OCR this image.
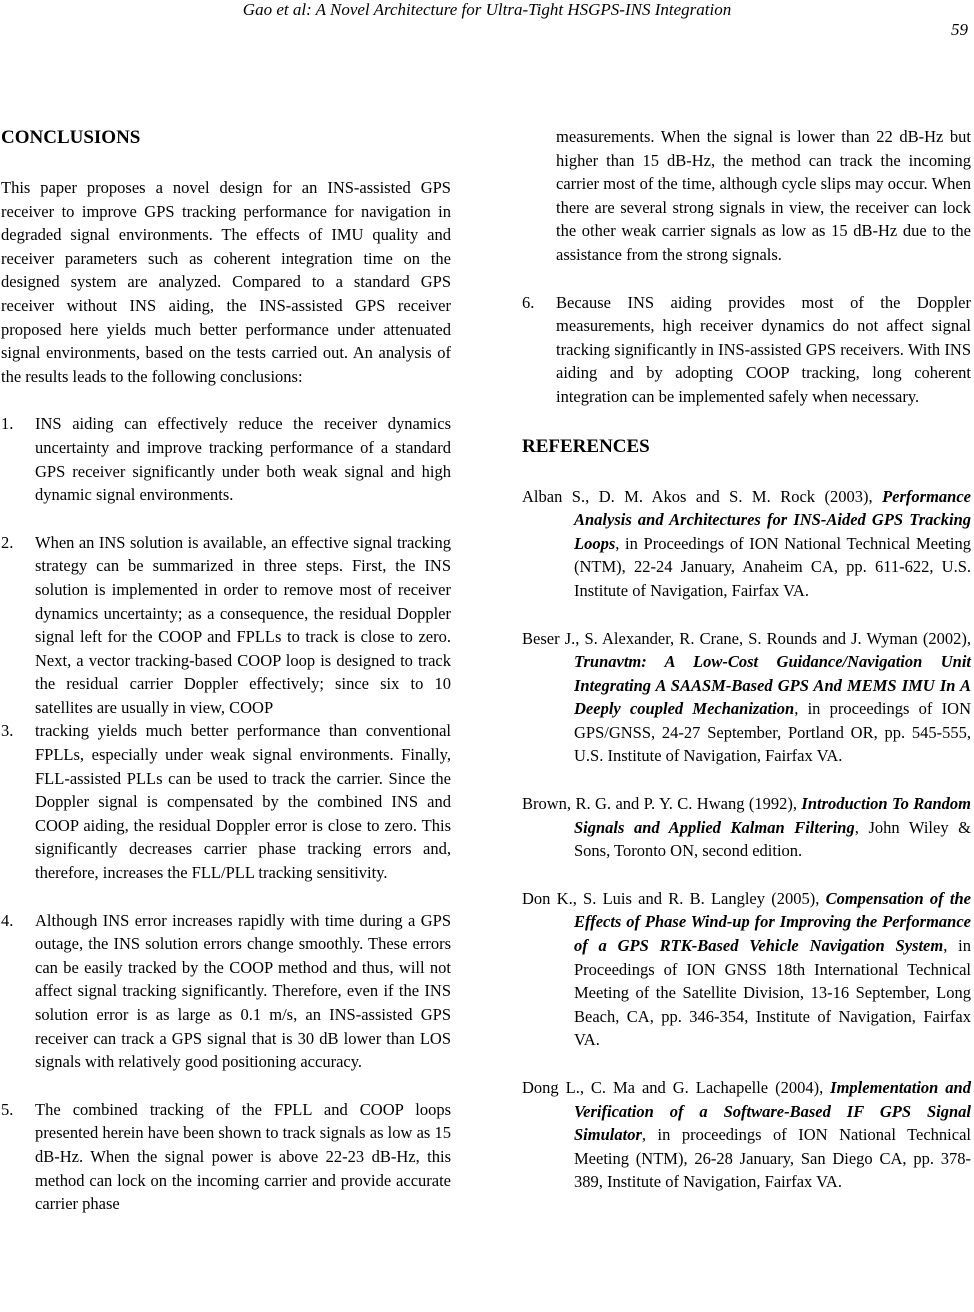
Gao et al: A Novel Architecture for Ultra-Tight HSGPS-INS Integration
59
CONCLUSIONS

This paper proposes a novel design for an INS-assisted GPS receiver to improve GPS tracking performance for navigation in degraded signal environments. The effects of IMU quality and receiver parameters such as coherent integration time on the designed system are analyzed. Compared to a standard GPS receiver without INS aiding, the INS-assisted GPS receiver proposed here yields much better performance under attenuated signal environments, based on the tests carried out. An analysis of the results leads to the following conclusions:

1.	INS aiding can effectively reduce the receiver dynamics uncertainty and improve tracking performance of a standard GPS receiver significantly under both weak signal and high dynamic signal environments.
2.	When an INS solution is available, an effective signal tracking strategy can be summarized in three steps. First, the INS solution is implemented in order to remove most of receiver dynamics uncertainty; as a consequence, the residual Doppler signal left for the COOP and FPLLs to track is close to zero. Next, a vector tracking-based COOP loop is designed to track the residual carrier Doppler effectively; since six to 10 satellites are usually in view, COOP
3.	tracking yields much better performance than conventional FPLLs, especially under weak signal environments. Finally, FLL-assisted PLLs can be used to track the carrier. Since the Doppler signal is compensated by the combined INS and COOP aiding, the residual Doppler error is close to zero. This significantly decreases carrier phase tracking errors and, therefore, increases the FLL/PLL tracking sensitivity.
4.	Although INS error increases rapidly with time during a GPS outage, the INS solution errors change smoothly. These errors can be easily tracked by the COOP method and thus, will not affect signal tracking significantly. Therefore, even if the INS solution error is as large as 0.1 m/s, an INS-assisted GPS receiver can track a GPS signal that is 30 dB lower than LOS signals with relatively good positioning accuracy.
5.	The combined tracking of the FPLL and COOP loops presented herein have been shown to track signals as low as 15 dB-Hz. When the signal power is above 22-23 dB-Hz, this method can lock on the incoming carrier and provide accurate carrier phase

measurements. When the signal is lower than 22 dB-Hz but higher than 15 dB-Hz, the method can track the incoming carrier most of the time, although cycle slips may occur. When there are several strong signals in view, the receiver can lock the other weak carrier signals as low as 15 dB-Hz due to the assistance from the strong signals.

6.	Because INS aiding provides most of the Doppler measurements, high receiver dynamics do not affect signal tracking significantly in INS-assisted GPS receivers. With INS aiding and by adopting COOP tracking, long coherent integration can be implemented safely when necessary.
REFERENCES
Alban S., D. M. Akos and S. M. Rock (2003), Performance Analysis and Architectures for INS-Aided GPS Tracking Loops, in Proceedings of ION National Technical Meeting (NTM), 22-24 January, Anaheim CA, pp. 611-622, U.S. Institute of Navigation, Fairfax VA.
Beser J., S. Alexander, R. Crane, S. Rounds and J. Wyman (2002), Trunavtm: A Low-Cost Guidance/Navigation Unit Integrating A SAASM-Based GPS And MEMS IMU In A Deeply coupled Mechanization, in proceedings of ION GPS/GNSS, 24-27 September, Portland OR, pp. 545-555, U.S. Institute of Navigation, Fairfax VA.
Brown, R. G. and P. Y. C. Hwang (1992), Introduction To Random Signals and Applied Kalman Filtering, John Wiley & Sons, Toronto ON, second edition.
Don K., S. Luis and R. B. Langley (2005), Compensation of the Effects of Phase Wind-up for Improving the Performance of a GPS RTK-Based Vehicle Navigation System, in Proceedings of ION GNSS 18th International Technical Meeting of the Satellite Division, 13-16 September, Long Beach, CA, pp. 346-354, Institute of Navigation, Fairfax VA.
Dong L., C. Ma and G. Lachapelle (2004), Implementation and Verification of a Software-Based IF GPS Signal Simulator, in proceedings of ION National Technical Meeting (NTM), 26-28 January, San Diego CA, pp. 378-389, Institute of Navigation, Fairfax VA.
